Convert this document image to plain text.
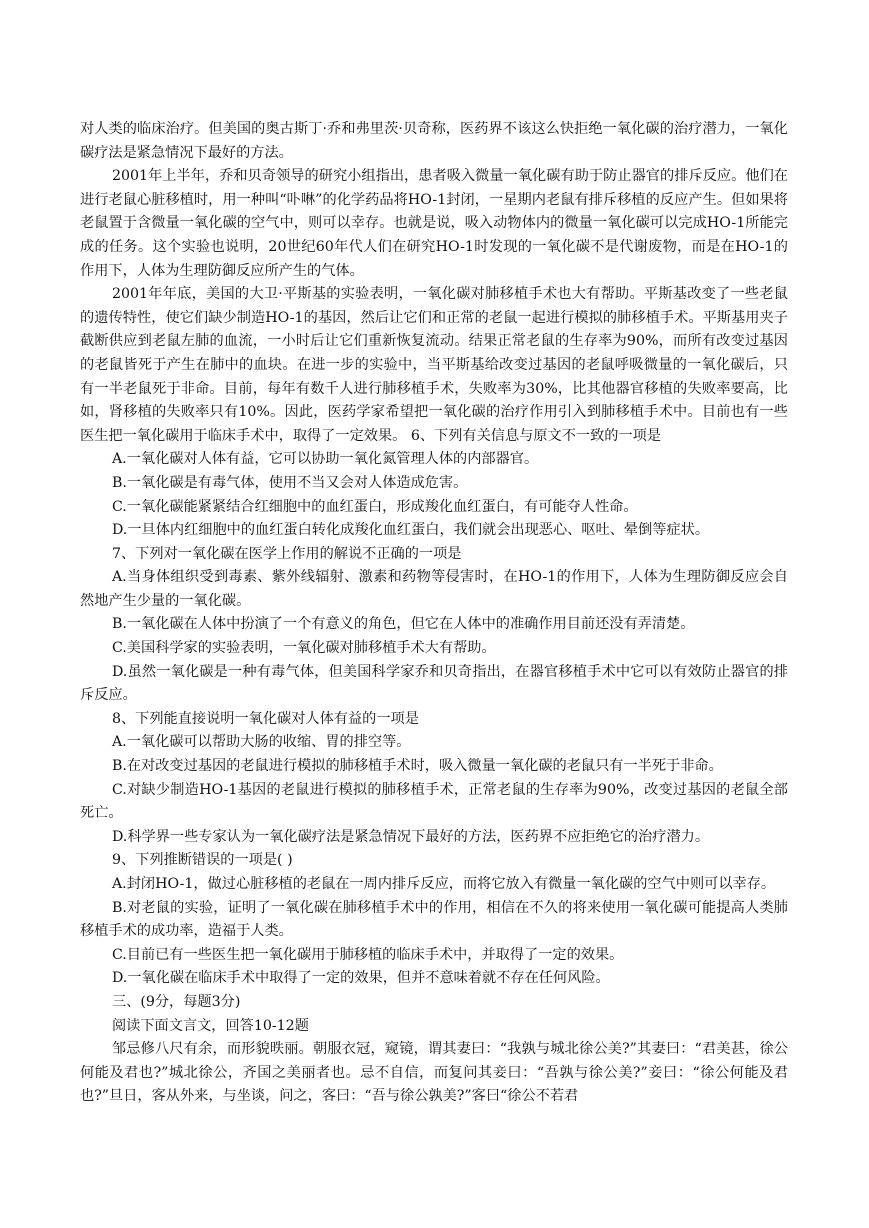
对人类的临床治疗。但美国的奥古斯丁·乔和弗里茨·贝奇称，医药界不该这么快拒绝一氧化碳的治疗潜力，一氧化碳疗法是紧急情况下最好的方法。

2001年上半年，乔和贝奇领导的研究小组指出，患者吸入微量一氧化碳有助于防止器官的排斥反应。他们在进行老鼠心脏移植时，用一种叫“卟啉”的化学药品将HO-1封闭，一星期内老鼠有排斥移植的反应产生。但如果将老鼠置于含微量一氧化碳的空气中，则可以幸存。也就是说，吸入动物体内的微量一氧化碳可以完成HO-1所能完成的任务。这个实验也说明，20世纪60年代人们在研究HO-1时发现的一氧化碳不是代谢废物，而是在HO-1的作用下，人体为生理防御反应所产生的气体。

2001年年底，美国的大卫·平斯基的实验表明，一氧化碳对肺移植手术也大有帮助。平斯基改变了一些老鼠的遗传特性，使它们缺少制造HO-1的基因，然后让它们和正常的老鼠一起进行模拟的肺移植手术。平斯基用夹子截断供应到老鼠左肺的血流，一小时后让它们重新恢复流动。结果正常老鼠的生存率为90%，而所有改变过基因的老鼠皆死于产生在肺中的血块。在进一步的实验中，当平斯基给改变过基因的老鼠呼吸微量的一氧化碳后，只有一半老鼠死于非命。目前，每年有数千人进行肺移植手术，失败率为30%，比其他器官移植的失败率要高，比如，肾移植的失败率只有10%。因此，医药学家希望把一氧化碳的治疗作用引入到肺移植手术中。目前也有一些医生把一氧化碳用于临床手术中，取得了一定效果。 6、下列有关信息与原文不一致的一项是

A.一氧化碳对人体有益，它可以协助一氧化氮管理人体的内部器官。

B.一氧化碳是有毒气体，使用不当又会对人体造成危害。

C.一氧化碳能紧紧结合红细胞中的血红蛋白，形成羧化血红蛋白，有可能夺人性命。

D.一旦体内红细胞中的血红蛋白转化成羧化血红蛋白，我们就会出现恶心、呕吐、晕倒等症状。

7、下列对一氧化碳在医学上作用的解说不正确的一项是

A.当身体组织受到毒素、紫外线辐射、激素和药物等侵害时，在HO-1的作用下，人体为生理防御反应会自然地产生少量的一氧化碳。

B.一氧化碳在人体中扮演了一个有意义的角色，但它在人体中的准确作用目前还没有弄清楚。

C.美国科学家的实验表明，一氧化碳对肺移植手术大有帮助。

D.虽然一氧化碳是一种有毒气体，但美国科学家乔和贝奇指出，在器官移植手术中它可以有效防止器官的排斥反应。

8、下列能直接说明一氧化碳对人体有益的一项是

A.一氧化碳可以帮助大肠的收缩、胃的排空等。

B.在对改变过基因的老鼠进行模拟的肺移植手术时，吸入微量一氧化碳的老鼠只有一半死于非命。

C.对缺少制造HO-1基因的老鼠进行模拟的肺移植手术，正常老鼠的生存率为90%，改变过基因的老鼠全部死亡。

D.科学界一些专家认为一氧化碳疗法是紧急情况下最好的方法，医药界不应拒绝它的治疗潜力。

9、下列推断错误的一项是( )

A.封闭HO-1，做过心脏移植的老鼠在一周内排斥反应，而将它放入有微量一氧化碳的空气中则可以幸存。

B.对老鼠的实验，证明了一氧化碳在肺移植手术中的作用，相信在不久的将来使用一氧化碳可能提高人类肺移植手术的成功率，造福于人类。

C.目前已有一些医生把一氧化碳用于肺移植的临床手术中，并取得了一定的效果。

D.一氧化碳在临床手术中取得了一定的效果，但并不意味着就不存在任何风险。

三、(9分，每题3分)

阅读下面文言文，回答10-12题

邹忌修八尺有余，而形貌昳丽。朝服衣冠，窥镜，谓其妻曰：“我孰与城北徐公美?”其妻曰：“君美甚，徐公何能及君也?”城北徐公，齐国之美丽者也。忌不自信，而复问其妾曰：“吾孰与徐公美?”妾曰：“徐公何能及君也?”旦日，客从外来，与坐谈，问之，客曰：“吾与徐公孰美?”客曰“徐公不若君
